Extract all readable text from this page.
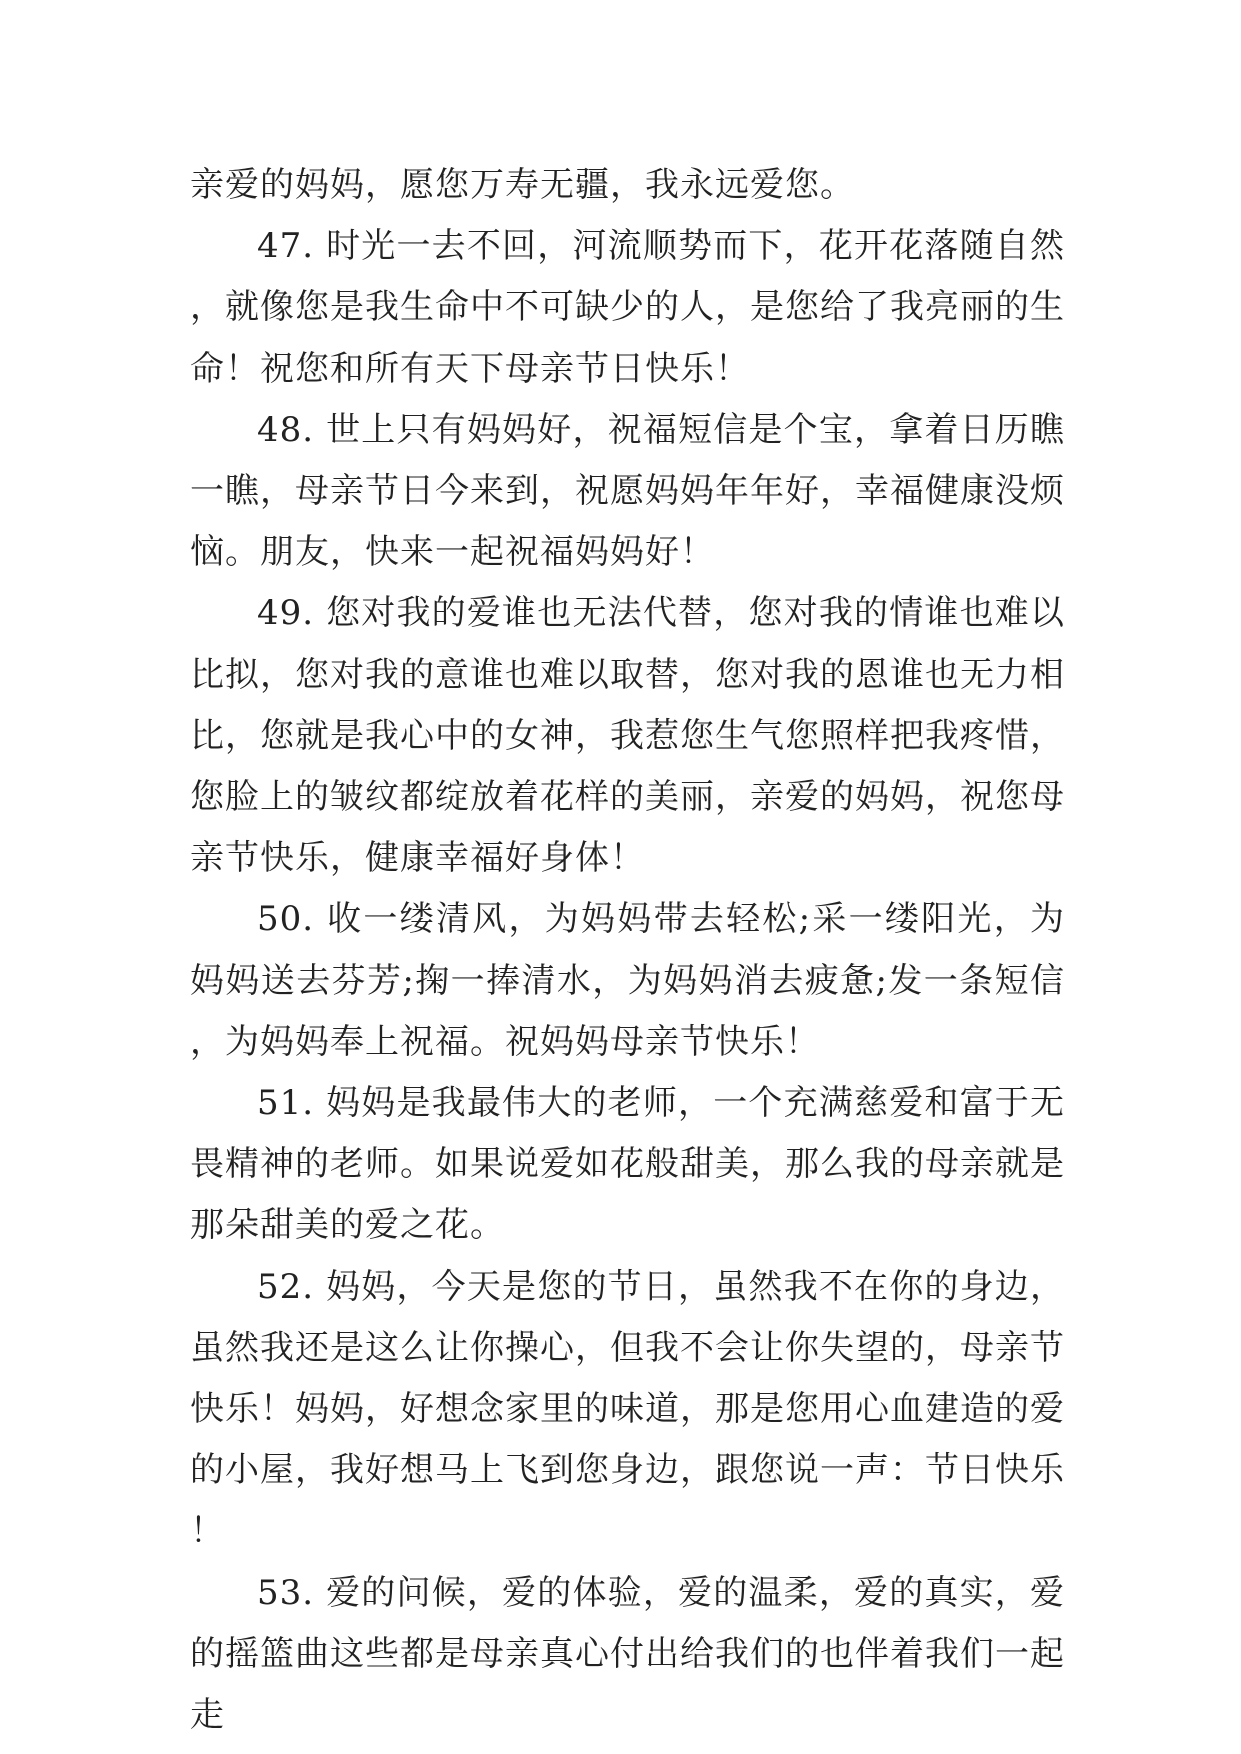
亲爱的妈妈，愿您万寿无疆，我永远爱您。

47. 时光一去不回，河流顺势而下，花开花落随自然，就像您是我生命中不可缺少的人，是您给了我亮丽的生命！祝您和所有天下母亲节日快乐！

48. 世上只有妈妈好，祝福短信是个宝，拿着日历瞧一瞧，母亲节日今来到，祝愿妈妈年年好，幸福健康没烦恼。朋友，快来一起祝福妈妈好！

49. 您对我的爱谁也无法代替，您对我的情谁也难以比拟，您对我的意谁也难以取替，您对我的恩谁也无力相比，您就是我心中的女神，我惹您生气您照样把我疼惜，您脸上的皱纹都绽放着花样的美丽，亲爱的妈妈，祝您母亲节快乐，健康幸福好身体！

50. 收一缕清风，为妈妈带去轻松;采一缕阳光，为妈妈送去芬芳;掬一捧清水，为妈妈消去疲惫;发一条短信，为妈妈奉上祝福。祝妈妈母亲节快乐！

51. 妈妈是我最伟大的老师，一个充满慈爱和富于无畏精神的老师。如果说爱如花般甜美，那么我的母亲就是那朵甜美的爱之花。

52. 妈妈，今天是您的节日，虽然我不在你的身边，虽然我还是这么让你操心，但我不会让你失望的，母亲节快乐！妈妈，好想念家里的味道，那是您用心血建造的爱的小屋，我好想马上飞到您身边，跟您说一声：节日快乐！

53. 爱的问候，爱的体验，爱的温柔，爱的真实，爱的摇篮曲这些都是母亲真心付出给我们的也伴着我们一起走
